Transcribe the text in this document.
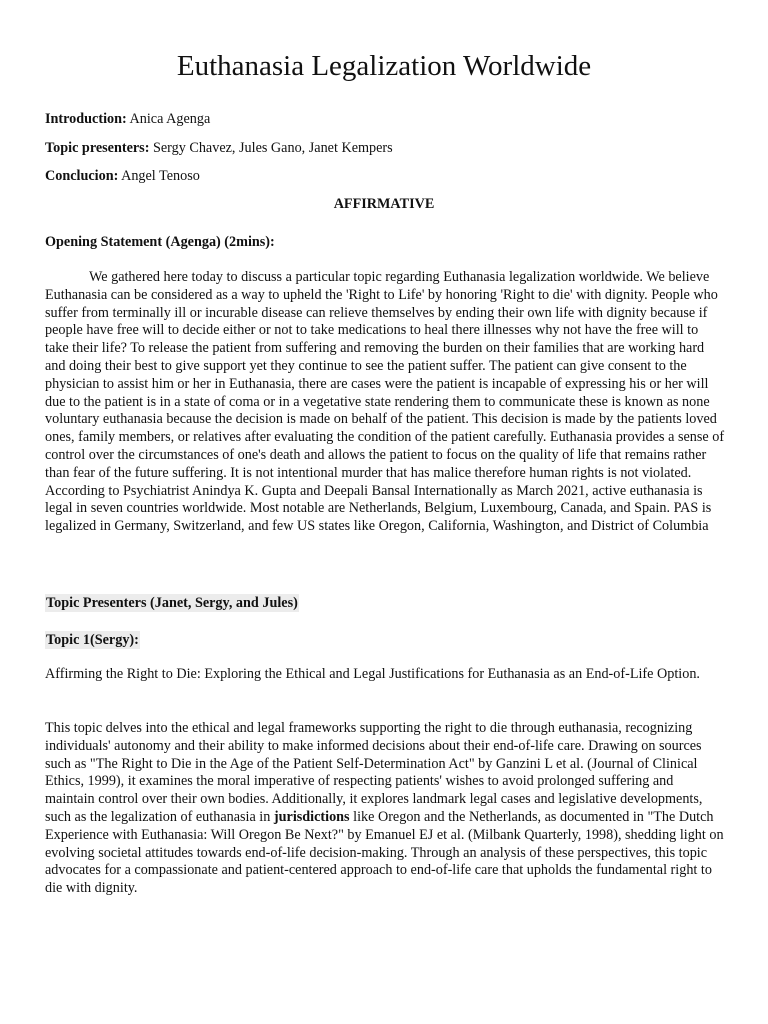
Euthanasia Legalization Worldwide
Introduction: Anica Agenga
Topic presenters: Sergy Chavez, Jules Gano, Janet Kempers
Conclucion: Angel Tenoso
AFFIRMATIVE
Opening Statement (Agenga) (2mins):
We gathered here today to discuss a particular topic regarding Euthanasia legalization worldwide. We believe Euthanasia can be considered as a way to upheld the 'Right to Life' by honoring 'Right to die' with dignity. People who suffer from terminally ill or incurable disease can relieve themselves by ending their own life with dignity because if people have free will to decide either or not to take medications to heal there illnesses why not have the free will to take their life? To release the patient from suffering and removing the burden on their families that are working hard and doing their best to give support yet they continue to see the patient suffer. The patient can give consent to the physician to assist him or her in Euthanasia, there are cases were the patient is incapable of expressing his or her will due to the patient is in a state of coma or in a vegetative state rendering them to communicate these is known as none voluntary euthanasia because the decision is made on behalf of the patient. This decision is made by the patients loved ones, family members, or relatives after evaluating the condition of the patient carefully. Euthanasia provides a sense of control over the circumstances of one's death and allows the patient to focus on the quality of life that remains rather than fear of the future suffering. It is not intentional murder that has malice therefore human rights is not violated. According to Psychiatrist Anindya K. Gupta and Deepali Bansal Internationally as March 2021, active euthanasia is legal in seven countries worldwide. Most notable are Netherlands, Belgium, Luxembourg, Canada, and Spain. PAS is legalized in Germany, Switzerland, and few US states like Oregon, California, Washington, and District of Columbia
Topic Presenters (Janet, Sergy, and Jules)
Topic 1(Sergy):
Affirming the Right to Die: Exploring the Ethical and Legal Justifications for Euthanasia as an End-of-Life Option.
This topic delves into the ethical and legal frameworks supporting the right to die through euthanasia, recognizing individuals' autonomy and their ability to make informed decisions about their end-of-life care. Drawing on sources such as "The Right to Die in the Age of the Patient Self-Determination Act" by Ganzini L et al. (Journal of Clinical Ethics, 1999), it examines the moral imperative of respecting patients' wishes to avoid prolonged suffering and maintain control over their own bodies. Additionally, it explores landmark legal cases and legislative developments, such as the legalization of euthanasia in jurisdictions like Oregon and the Netherlands, as documented in "The Dutch Experience with Euthanasia: Will Oregon Be Next?" by Emanuel EJ et al. (Milbank Quarterly, 1998), shedding light on evolving societal attitudes towards end-of-life decision-making. Through an analysis of these perspectives, this topic advocates for a compassionate and patient-centered approach to end-of-life care that upholds the fundamental right to die with dignity.
